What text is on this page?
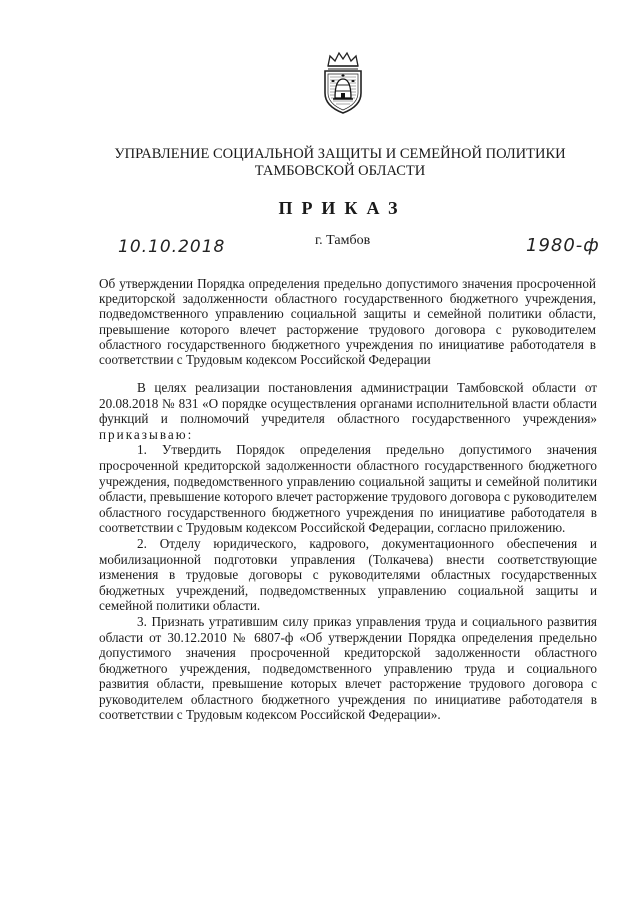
УПРАВЛЕНИЕ СОЦИАЛЬНОЙ ЗАЩИТЫ И СЕМЕЙНОЙ ПОЛИТИКИ
ТАМБОВСКОЙ ОБЛАСТИ
ПРИКАЗ
10.10.2018	г. Тамбов	1980-ф
Об утверждении Порядка определения предельно допустимого значения просроченной кредиторской задолженности областного государственного бюджетного учреждения, подведомственного управлению социальной защиты и семейной политики области, превышение которого влечет расторжение трудового договора с руководителем областного государственного бюджетного учреждения по инициативе работодателя в соответствии с Трудовым кодексом Российской Федерации

В целях реализации постановления администрации Тамбовской области от 20.08.2018 № 831 «О порядке осуществления органами исполнительной власти области функций и полномочий учредителя областного государственного учреждения» приказываю:

1. Утвердить Порядок определения предельно допустимого значения просроченной кредиторской задолженности областного государственного бюджетного учреждения, подведомственного управлению социальной защиты и семейной политики области, превышение которого влечет расторжение трудового договора с руководителем областного государственного бюджетного учреждения по инициативе работодателя в соответствии с Трудовым кодексом Российской Федерации, согласно приложению.

2. Отделу юридического, кадрового, документационного обеспечения и мобилизационной подготовки управления (Толкачева) внести соответствующие изменения в трудовые договоры с руководителями областных государственных бюджетных учреждений, подведомственных управлению социальной защиты и семейной политики области.

3. Признать утратившим силу приказ управления труда и социального развития области от 30.12.2010 № 6807-ф «Об утверждении Порядка определения предельно допустимого значения просроченной кредиторской задолженности областного бюджетного учреждения, подведомственного управлению труда и социального развития области, превышение которых влечет расторжение трудового договора с руководителем областного бюджетного учреждения по инициативе работодателя в соответствии с Трудовым кодексом Российской Федерации».
